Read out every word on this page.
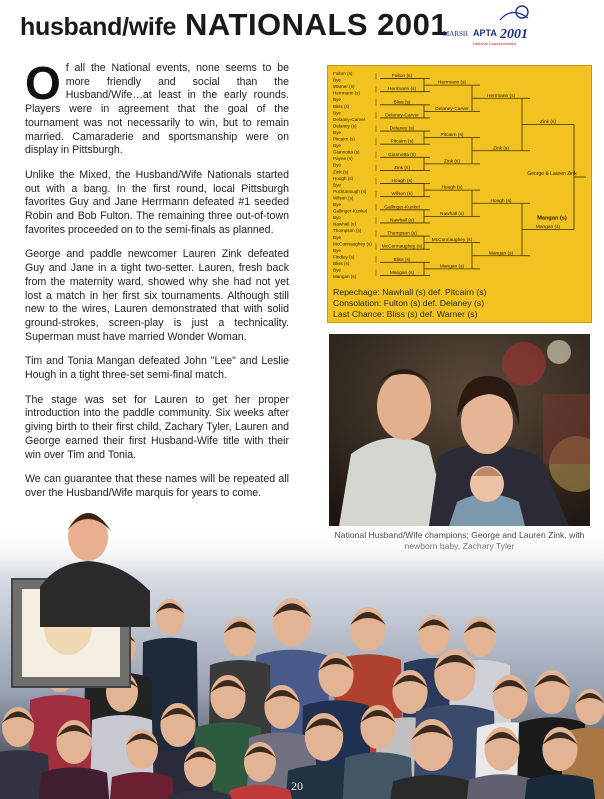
husband/wife NATIONALS 2001
MARSH APTA 2001
National Championships

Of all the National events, none seems to be more friendly and social than the Husband/Wife…at least in the early rounds. Players were in agreement that the goal of the tournament was not necessarily to win, but to remain married. Camaraderie and sportsmanship were on display in Pittsburgh.

Unlike the Mixed, the Husband/Wife Nationals started out with a bang. In the first round, local Pittsburgh favorites Guy and Jane Herrmann defeated #1 seeded Robin and Bob Fulton. The remaining three out-of-town favorites proceeded on to the semi-finals as planned.

George and paddle newcomer Lauren Zink defeated Guy and Jane in a tight two-setter. Lauren, fresh back from the maternity ward, showed why she had not yet lost a match in her first six tournaments. Although still new to the wires, Lauren demonstrated that with solid ground-strokes, screen-play is just a technicality. Superman must have married Wonder Woman.

Tim and Tonia Mangan defeated John "Lee" and Leslie Hough in a tight three-set semi-final match.

The stage was set for Lauren to get her proper introduction into the paddle community. Six weeks after giving birth to their first child, Zachary Tyler, Lauren and George earned their first Husband-Wife title with their win over Tim and Tonia.

We can guarantee that these names will be repeated all over the Husband/Wife marquis for years to come.

Fulton (s)
Bye
Warner (s)
Herrmann (s)
Bye
Bliss (s)
Bye
Delaney-Carver
Delaney (s)
Bye
Pitcairn (s)
Bye
Giannotta (s)
Payne (s)
Bye
Zink (s)
Hough (s)
Bye
Pucktanough (s)
Wilson (s)
Bye
Gallinger-Kunkel
Bye
Nawhall (s)
Thompson (s)
Bye
McConnaughey (s)
Bye
Findley (s)
Bliss (s)
Bye
Mangan (s)
Fulton (s)
Herrmann (s)
Bliss (s)
Delaney-Carver
Delaney (s)
Pitcairn (s)
Giannotta (s)
Zink (s)
Hough (s)
Wilson (s)
Gallinger-Kunkel
Nawhall (s)
Thompson (s)
McConnaughey (s)
Bliss (s)
Mangan (s)
Herrmann (s)
Delaney-Carver
Pitcairn (s)
Zink (s)
Hough (s)
Nawhall (s)
McConnaughey (s)
Mangan (s)
Herrmann (s)
Zink (s)
Hough (s)
Mangan (s)
Zink (s)
Mangan (s)
George & Lauren Zink
Mangan (s)
Repechage: Nawhall (s) def. Pitcairn (s)
Consolation: Fulton (s) def. Delaney (s)
Last Chance: Bliss (s) def. Warner (s)
20
